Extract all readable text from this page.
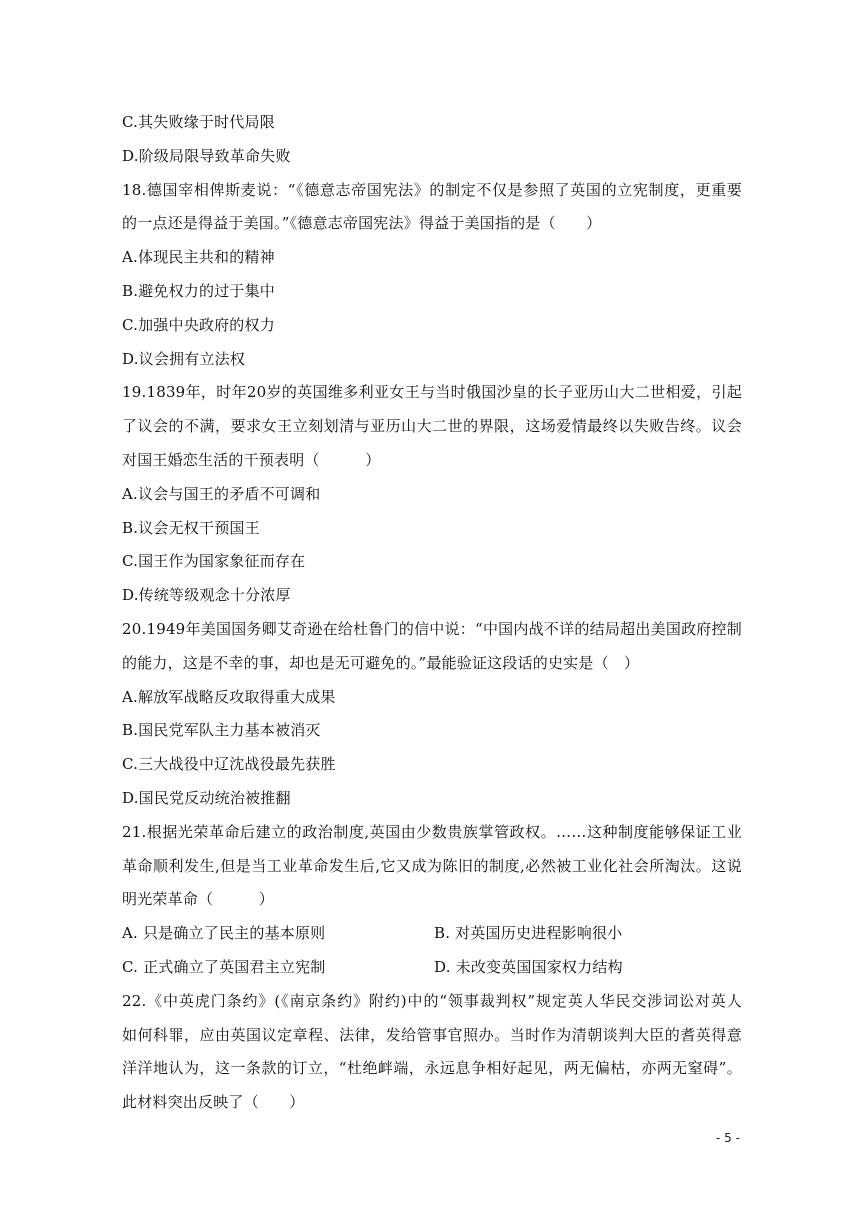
C.其失败缘于时代局限
D.阶级局限导致革命失败
18.德国宰相俾斯麦说：“《德意志帝国宪法》的制定不仅是参照了英国的立宪制度，更重要
的一点还是得益于美国。”《德意志帝国宪法》得益于美国指的是（　　）
A.体现民主共和的精神
B.避免权力的过于集中
C.加强中央政府的权力
D.议会拥有立法权
19.1839年，时年20岁的英国维多利亚女王与当时俄国沙皇的长子亚历山大二世相爱，引起
了议会的不满，要求女王立刻划清与亚历山大二世的界限，这场爱情最终以失败告终。议会
对国王婚恋生活的干预表明（　　　）
A.议会与国王的矛盾不可调和
B.议会无权干预国王
C.国王作为国家象征而存在
D.传统等级观念十分浓厚
20.1949年美国国务卿艾奇逊在给杜鲁门的信中说：“中国内战不详的结局超出美国政府控制
的能力，这是不幸的事，却也是无可避免的。”最能验证这段话的史实是（　）
A.解放军战略反攻取得重大成果
B.国民党军队主力基本被消灭
C.三大战役中辽沈战役最先获胜
D.国民党反动统治被推翻
21.根据光荣革命后建立的政治制度,英国由少数贵族掌管政权。……这种制度能够保证工业
革命顺利发生,但是当工业革命发生后,它又成为陈旧的制度,必然被工业化社会所淘汰。这说
明光荣革命（　　　）
A. 只是确立了民主的基本原则	B. 对英国历史进程影响很小
C. 正式确立了英国君主立宪制	D. 未改变英国国家权力结构
22.《中英虎门条约》(《南京条约》附约)中的“领事裁判权”规定英人华民交涉词讼对英人
如何科罪，应由英国议定章程、法律，发给管事官照办。当时作为清朝谈判大臣的耆英得意
洋洋地认为，这一条款的订立，“杜绝衅端，永远息争相好起见，两无偏枯，亦两无窒碍”。
此材料突出反映了（　　）
- 5 -
